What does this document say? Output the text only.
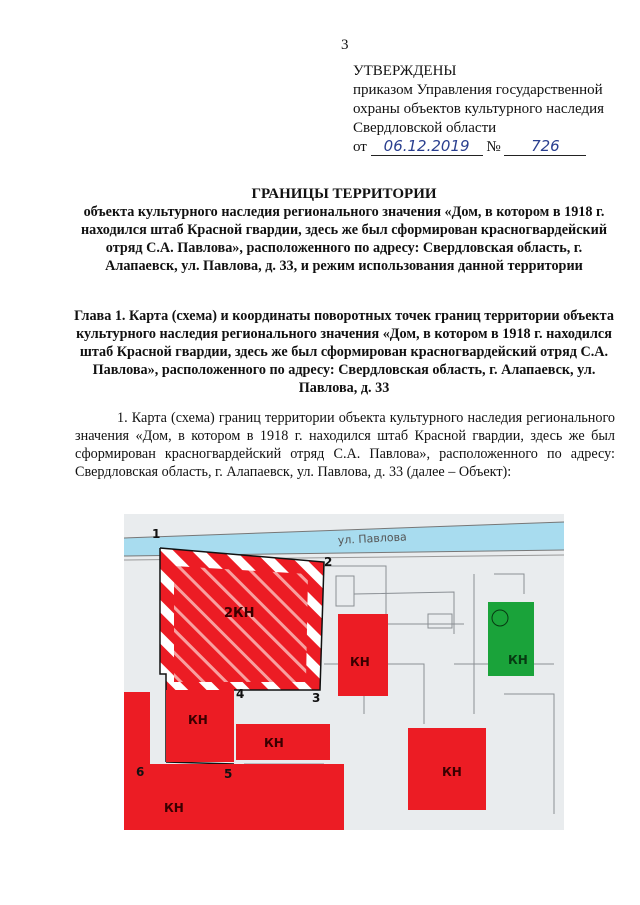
3
УТВЕРЖДЕНЫ
приказом Управления государственной
охраны объектов культурного наследия
Свердловской области
от 06.12.2019 № 726
ГРАНИЦЫ ТЕРРИТОРИИ
объекта культурного наследия регионального значения «Дом, в котором в 1918 г. находился штаб Красной гвардии, здесь же был сформирован красногвардейский отряд С.А. Павлова», расположенного по адресу: Свердловская область, г. Алапаевск, ул. Павлова, д. 33, и режим использования данной территории
Глава 1. Карта (схема) и координаты поворотных точек границ территории объекта культурного наследия регионального значения «Дом, в котором в 1918 г. находился штаб Красной гвардии, здесь же был сформирован красногвардейский отряд С.А. Павлова», расположенного по адресу: Свердловская область, г. Алапаевск, ул. Павлова, д. 33
1. Карта (схема) границ территории объекта культурного наследия регионального значения «Дом, в котором в 1918 г. находился штаб Красной гвардии, здесь же был сформирован красногвардейский отряд С.А. Павлова», расположенного по адресу: Свердловская область, г. Алапаевск, ул. Павлова, д. 33 (далее – Объект):
ул. Павлова
2КН
КН
КН
КН
КН
КН
КН
1
2
3
4
5
6
